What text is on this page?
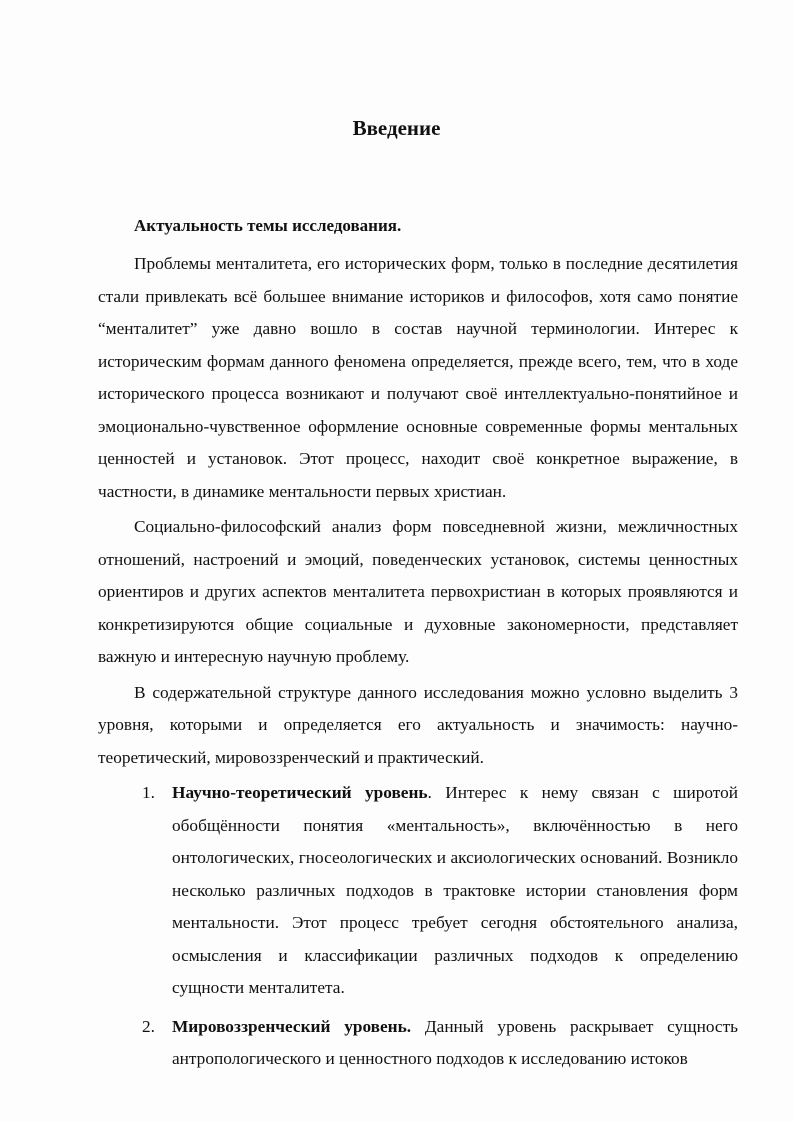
Введение
Актуальность темы исследования.

Проблемы менталитета, его исторических форм, только в последние десятилетия стали привлекать всё большее внимание историков и философов, хотя само понятие “менталитет” уже давно вошло в состав научной терминологии. Интерес к историческим формам данного феномена определяется, прежде всего, тем, что в ходе исторического процесса возникают и получают своё интеллектуально-понятийное и эмоционально-чувственное оформление основные современные формы ментальных ценностей и установок. Этот процесс, находит своё конкретное выражение, в частности, в динамике ментальности первых христиан.

Социально-философский анализ форм повседневной жизни, межличностных отношений, настроений и эмоций, поведенческих установок, системы ценностных ориентиров и других аспектов менталитета первохристиан в которых проявляются и конкретизируются общие социальные и духовные закономерности, представляет важную и интересную научную проблему.

В содержательной структуре данного исследования можно условно выделить 3 уровня, которыми и определяется его актуальность и значимость: научно-теоретический, мировоззренческий и практический.

1. Научно-теоретический уровень. Интерес к нему связан с широтой обобщённости понятия «ментальность», включённостью в него онтологических, гносеологических и аксиологических оснований. Возникло несколько различных подходов в трактовке истории становления форм ментальности. Этот процесс требует сегодня обстоятельного анализа, осмысления и классификации различных подходов к определению сущности менталитета.
2. Мировоззренческий уровень. Данный уровень раскрывает сущность антропологического и ценностного подходов к исследованию истоков
